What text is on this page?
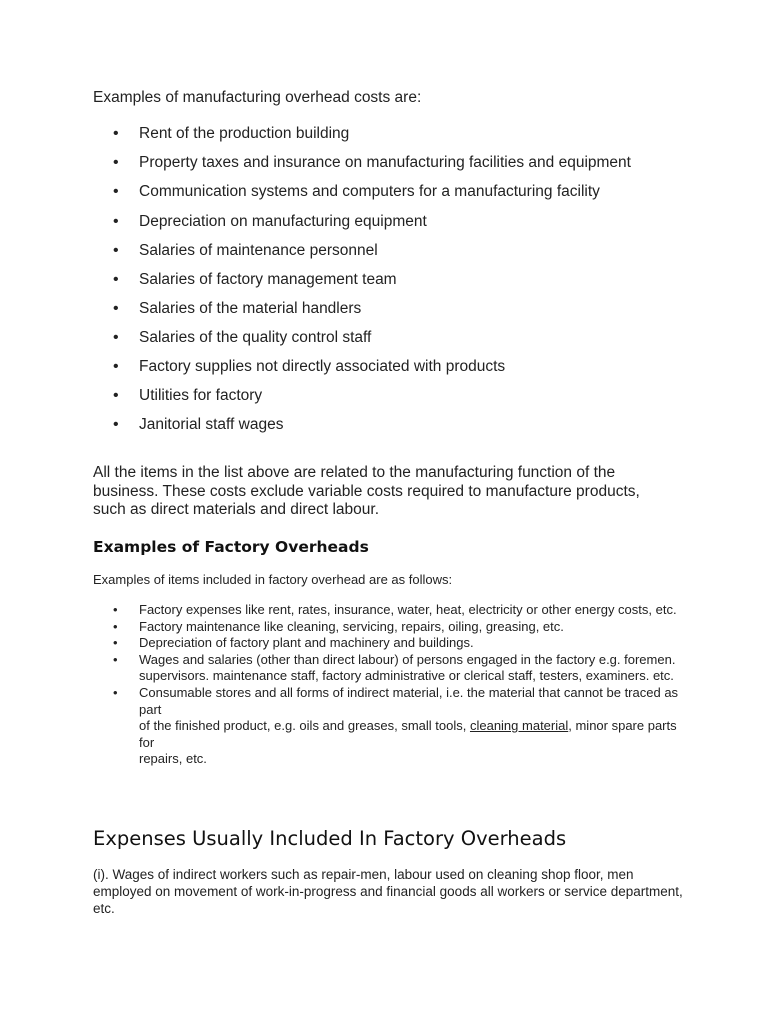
Examples of manufacturing overhead costs are:
• Rent of the production building
• Property taxes and insurance on manufacturing facilities and equipment
• Communication systems and computers for a manufacturing facility
• Depreciation on manufacturing equipment
• Salaries of maintenance personnel
• Salaries of factory management team
• Salaries of the material handlers
• Salaries of the quality control staff
• Factory supplies not directly associated with products
• Utilities for factory
• Janitorial staff wages

All the items in the list above are related to the manufacturing function of the business. These costs exclude variable costs required to manufacture products, such as direct materials and direct labour.

Examples of Factory Overheads
Examples of items included in factory overhead are as follows:
• Factory expenses like rent, rates, insurance, water, heat, electricity or other energy costs, etc.
• Factory maintenance like cleaning, servicing, repairs, oiling, greasing, etc.
• Depreciation of factory plant and machinery and buildings.
• Wages and salaries (other than direct labour) of persons engaged in the factory e.g. foremen. supervisors. maintenance staff, factory administrative or clerical staff, testers, examiners. etc.
• Consumable stores and all forms of indirect material, i.e. the material that cannot be traced as part
of the finished product, e.g. oils and greases, small tools, cleaning material, minor spare parts for
repairs, etc.
Expenses Usually Included In Factory Overheads

(i). Wages of indirect workers such as repair-men, labour used on cleaning shop floor, men employed on movement of work-in-progress and financial goods all workers or service department, etc.
